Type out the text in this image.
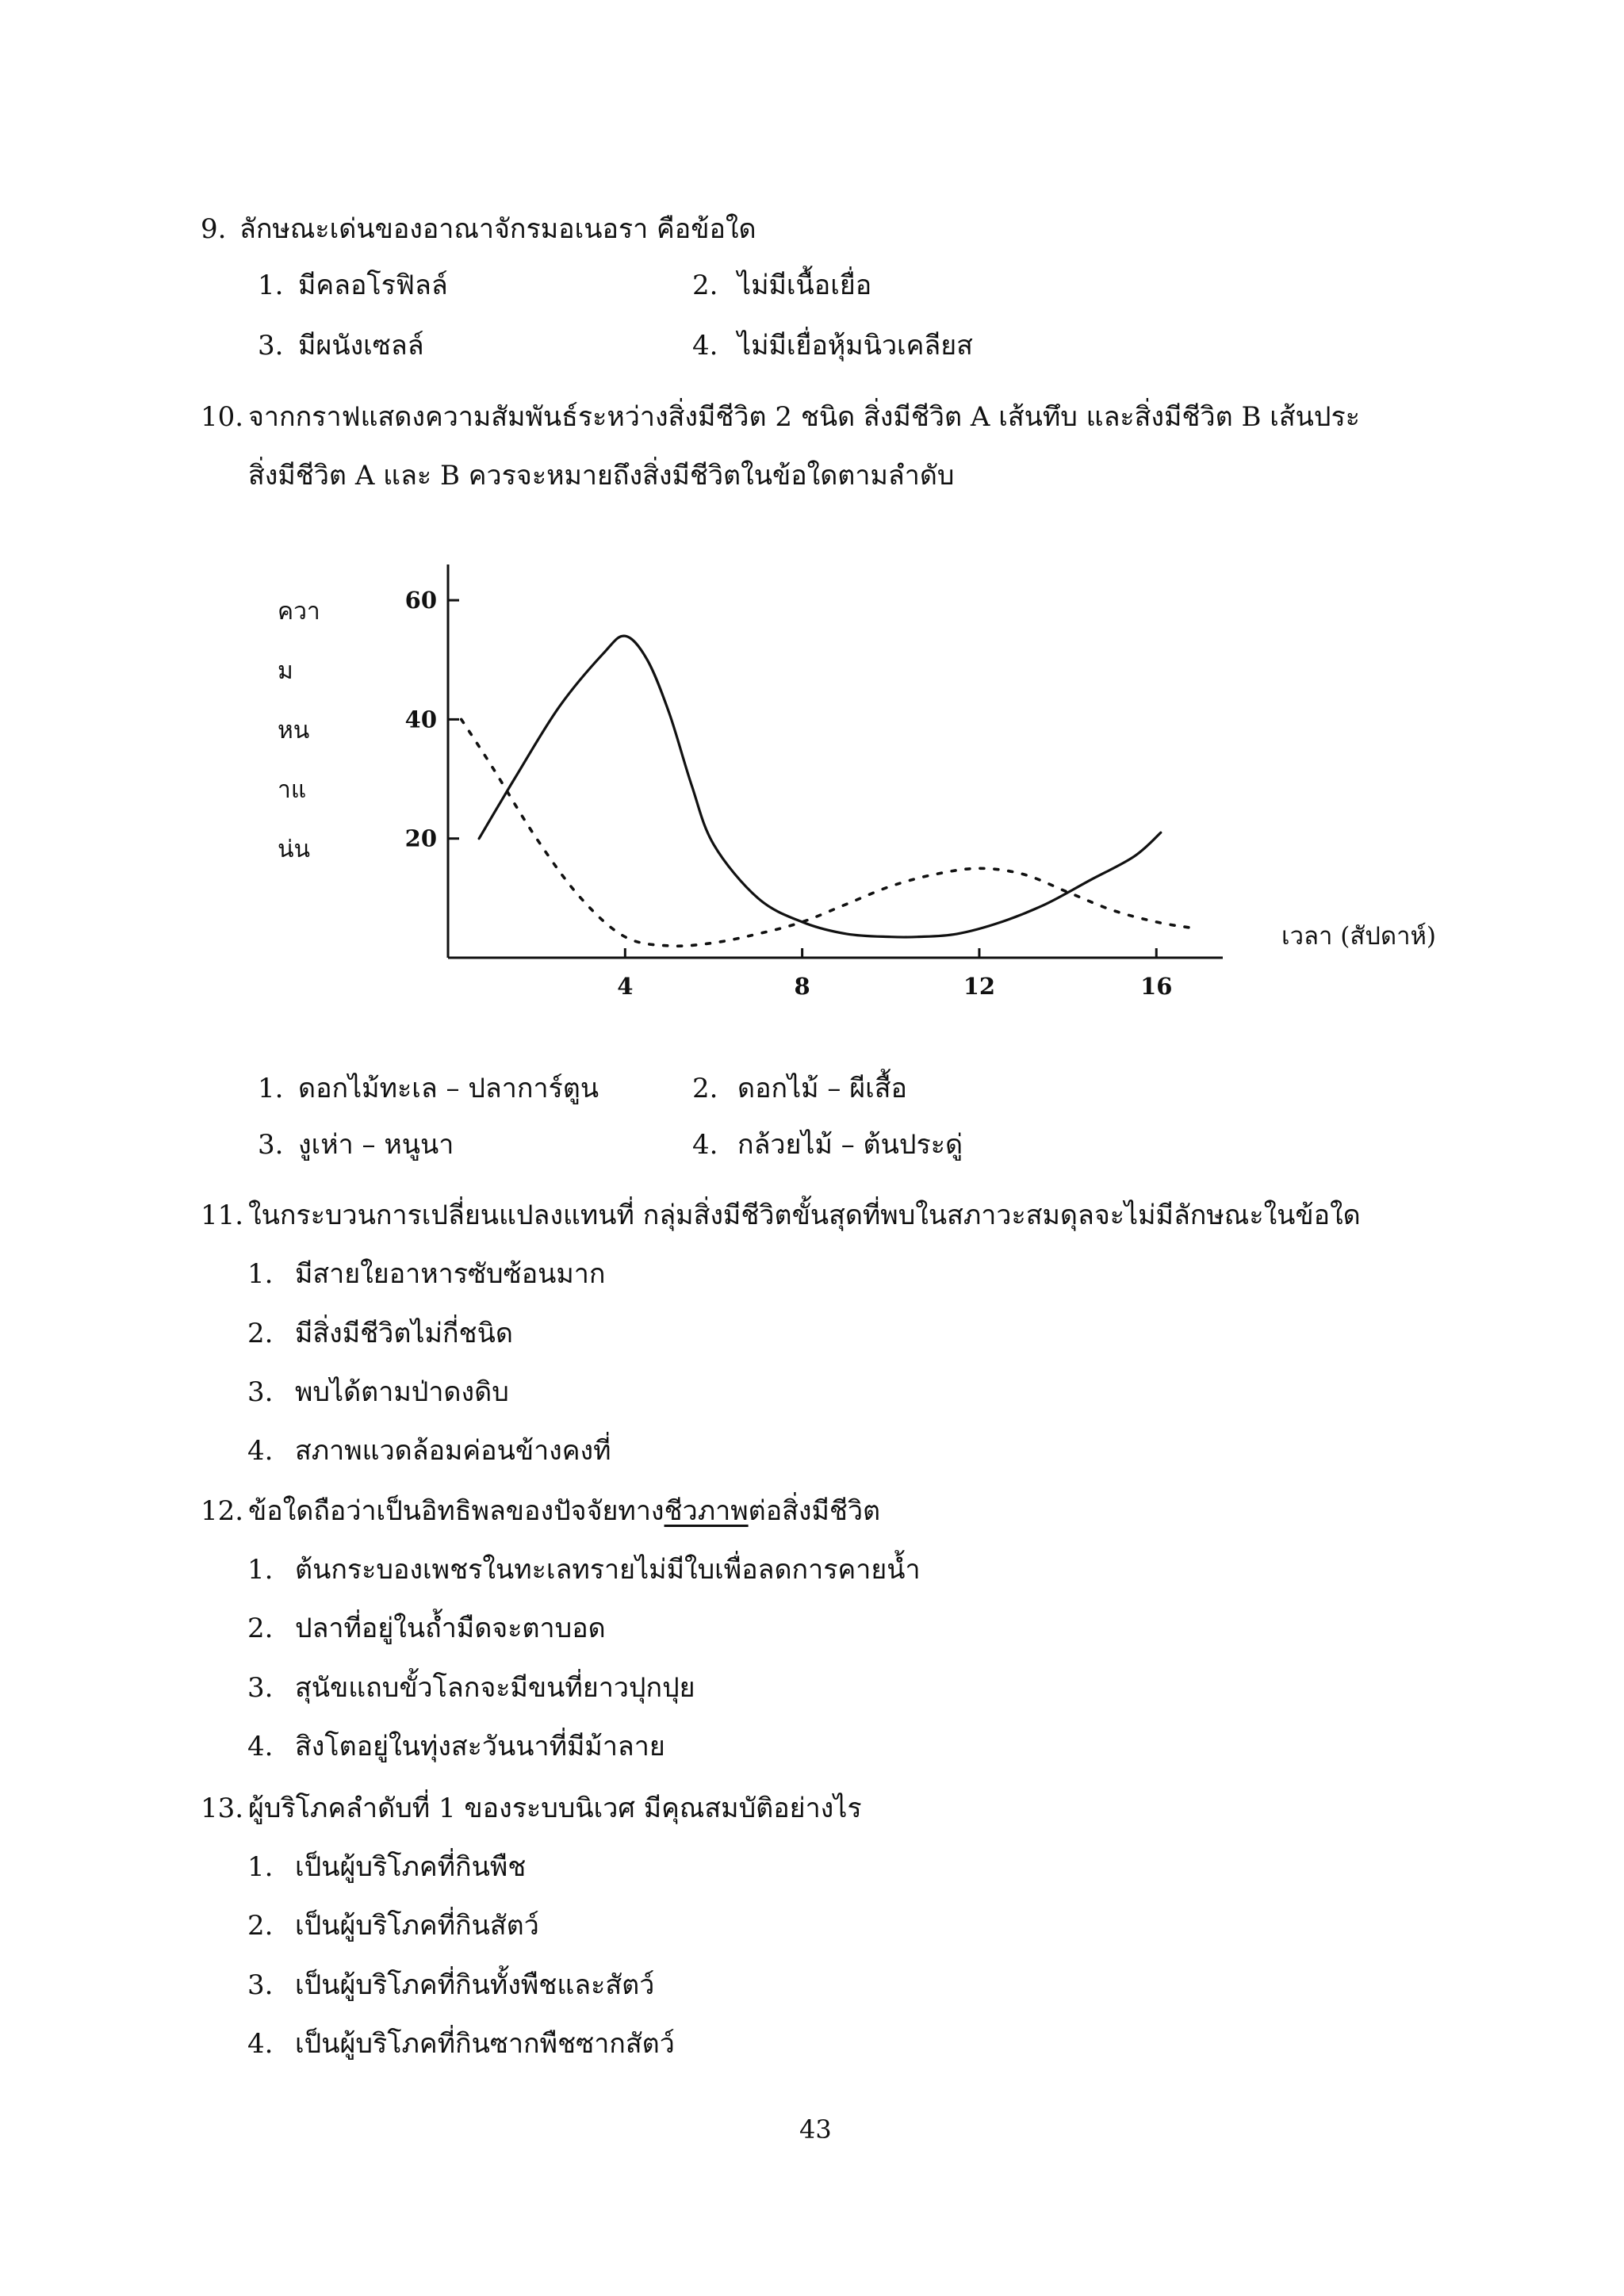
9. ลักษณะเด่นของอาณาจักรมอเนอรา คือข้อใด
1. มีคลอโรฟิลล์	2. ไม่มีเนื้อเยื่อ
3. มีผนังเซลล์	4. ไม่มีเยื่อหุ้มนิวเคลียส
10. จากกราฟแสดงความสัมพันธ์ระหว่างสิ่งมีชีวิต 2 ชนิด สิ่งมีชีวิต A เส้นทึบ และสิ่งมีชีวิต B เส้นประ
สิ่งมีชีวิต A และ B ควรจะหมายถึงสิ่งมีชีวิตในข้อใดตามลำดับ
ควา
ม
หน
าแ
น่น
เวลา (สัปดาห์)
4	8	12	16
20
40
60
1. ดอกไม้ทะเล – ปลาการ์ตูน	2. ดอกไม้ – ผีเสื้อ
3. งูเห่า – หนูนา	4. กล้วยไม้ – ต้นประดู่
11. ในกระบวนการเปลี่ยนแปลงแทนที่ กลุ่มสิ่งมีชีวิตขั้นสุดที่พบในสภาวะสมดุลจะไม่มีลักษณะในข้อใด
1. มีสายใยอาหารซับซ้อนมาก
2. มีสิ่งมีชีวิตไม่กี่ชนิด
3. พบได้ตามป่าดงดิบ
4. สภาพแวดล้อมค่อนข้างคงที่
12. ข้อใดถือว่าเป็นอิทธิพลของปัจจัยทางชีวภาพต่อสิ่งมีชีวิต
1. ต้นกระบองเพชรในทะเลทรายไม่มีใบเพื่อลดการคายน้ำ
2. ปลาที่อยู่ในถ้ำมืดจะตาบอด
3. สุนัขแถบขั้วโลกจะมีขนที่ยาวปุกปุย
4. สิงโตอยู่ในทุ่งสะวันนาที่มีม้าลาย
13. ผู้บริโภคลำดับที่ 1 ของระบบนิเวศ มีคุณสมบัติอย่างไร
1. เป็นผู้บริโภคที่กินพืช
2. เป็นผู้บริโภคที่กินสัตว์
3. เป็นผู้บริโภคที่กินทั้งพืชและสัตว์
4. เป็นผู้บริโภคที่กินซากพืชซากสัตว์
43
